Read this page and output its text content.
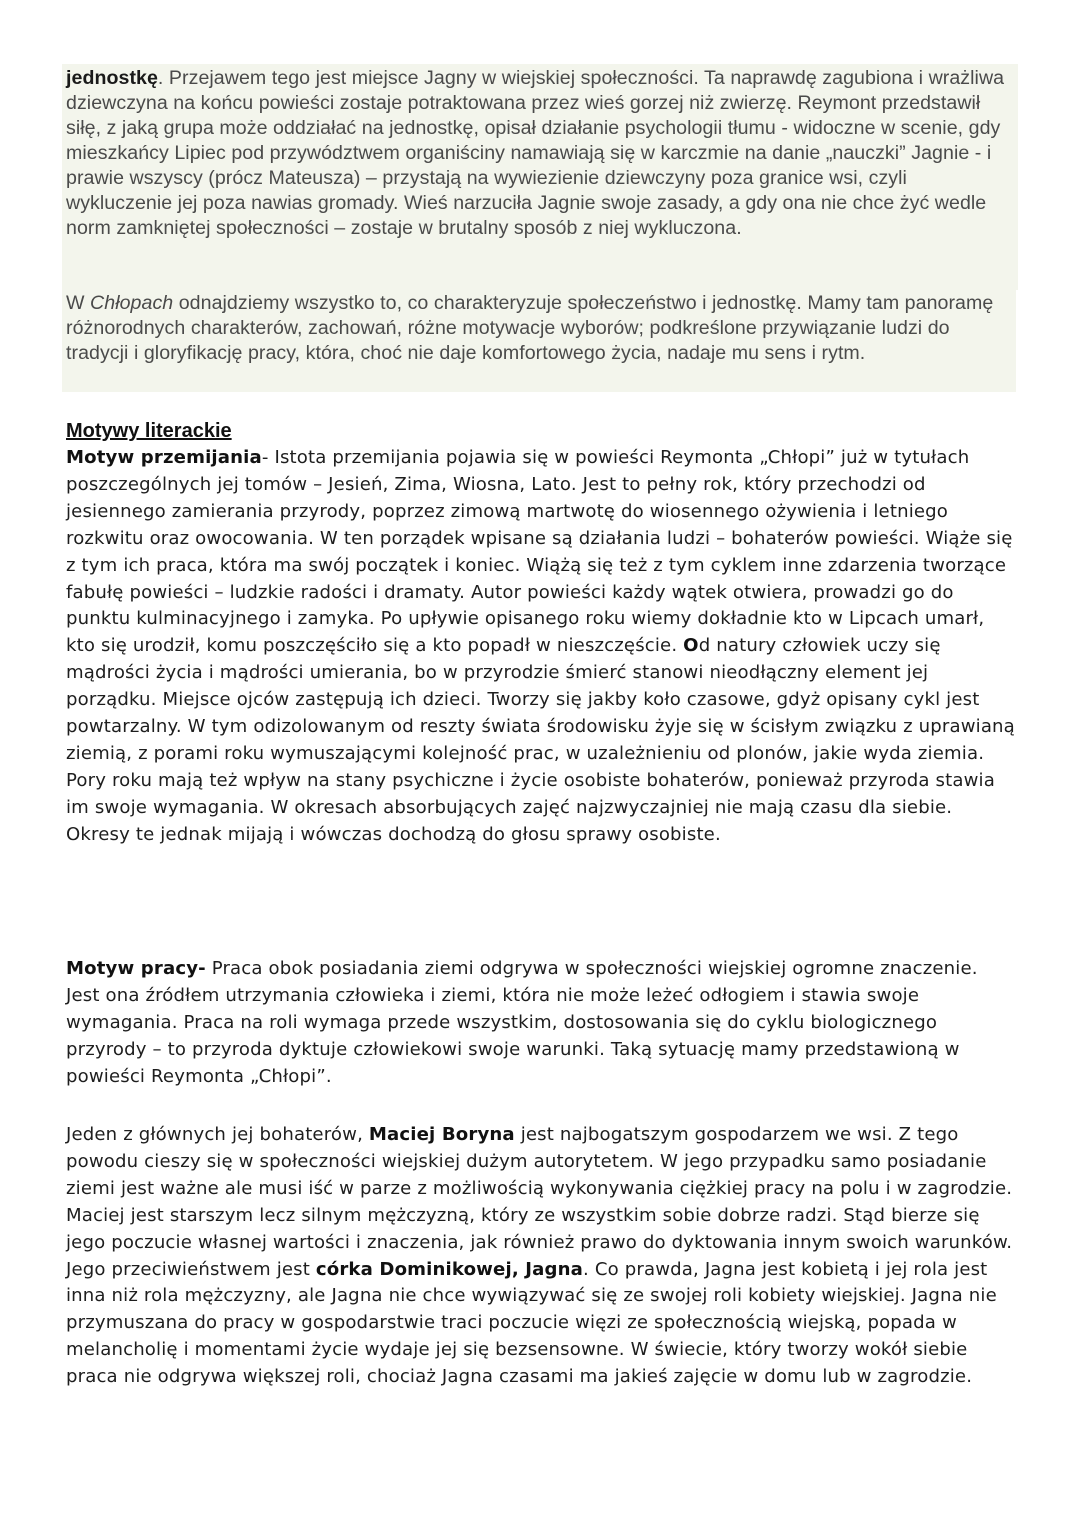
jednostkę. Przejawem tego jest miejsce Jagny w wiejskiej społeczności. Ta naprawdę zagubiona i wrażliwa dziewczyna na końcu powieści zostaje potraktowana przez wieś gorzej niż zwierzę. Reymont przedstawił siłę, z jaką grupa może oddziałać na jednostkę, opisał działanie psychologii tłumu - widoczne w scenie, gdy mieszkańcy Lipiec pod przywództwem organiściny namawiają się w karczmie na danie „nauczki” Jagnie - i prawie wszyscy (prócz Mateusza) – przystają na wywiezienie dziewczyny poza granice wsi, czyli wykluczenie jej poza nawias gromady. Wieś narzuciła Jagnie swoje zasady, a gdy ona nie chce żyć wedle norm zamkniętej społeczności – zostaje w brutalny sposób z niej wykluczona.

W Chłopach odnajdziemy wszystko to, co charakteryzuje społeczeństwo i jednostkę. Mamy tam panoramę różnorodnych charakterów, zachowań, różne motywacje wyborów; podkreślone przywiązanie ludzi do tradycji i gloryfikację pracy, która, choć nie daje komfortowego życia, nadaje mu sens i rytm.

Motywy literackie

Motyw przemijania- Istota przemijania pojawia się w powieści Reymonta „Chłopi” już w tytułach poszczególnych jej tomów – Jesień, Zima, Wiosna, Lato. Jest to pełny rok, który przechodzi od jesiennego zamierania przyrody, poprzez zimową martwotę do wiosennego ożywienia i letniego rozkwitu oraz owocowania. W ten porządek wpisane są działania ludzi – bohaterów powieści. Wiąże się z tym ich praca, która ma swój początek i koniec. Wiążą się też z tym cyklem inne zdarzenia tworzące fabułę powieści – ludzkie radości i dramaty. Autor powieści każdy wątek otwiera, prowadzi go do punktu kulminacyjnego i zamyka. Po upływie opisanego roku wiemy dokładnie kto w Lipcach umarł, kto się urodził, komu poszczęściło się a kto popadł w nieszczęście. Od natury człowiek uczy się mądrości życia i mądrości umierania, bo w przyrodzie śmierć stanowi nieodłączny element jej porządku. Miejsce ojców zastępują ich dzieci. Tworzy się jakby koło czasowe, gdyż opisany cykl jest powtarzalny. W tym odizolowanym od reszty świata środowisku żyje się w ścisłym związku z uprawianą ziemią, z porami roku wymuszającymi kolejność prac, w uzależnieniu od plonów, jakie wyda ziemia.
Pory roku mają też wpływ na stany psychiczne i życie osobiste bohaterów, ponieważ przyroda stawia im swoje wymagania. W okresach absorbujących zajęć najzwyczajniej nie mają czasu dla siebie. Okresy te jednak mijają i wówczas dochodzą do głosu sprawy osobiste.

Motyw pracy- Praca obok posiadania ziemi odgrywa w społeczności wiejskiej ogromne znaczenie. Jest ona źródłem utrzymania człowieka i ziemi, która nie może leżeć odłogiem i stawia swoje wymagania. Praca na roli wymaga przede wszystkim, dostosowania się do cyklu biologicznego przyrody – to przyroda dyktuje człowiekowi swoje warunki. Taką sytuację mamy przedstawioną w powieści Reymonta „Chłopi”.

Jeden z głównych jej bohaterów, Maciej Boryna jest najbogatszym gospodarzem we wsi. Z tego powodu cieszy się w społeczności wiejskiej dużym autorytetem. W jego przypadku samo posiadanie ziemi jest ważne ale musi iść w parze z możliwością wykonywania ciężkiej pracy na polu i w zagrodzie. Maciej jest starszym lecz silnym mężczyzną, który ze wszystkim sobie dobrze radzi. Stąd bierze się jego poczucie własnej wartości i znaczenia, jak również prawo do dyktowania innym swoich warunków. Jego przeciwieństwem jest córka Dominikowej, Jagna. Co prawda, Jagna jest kobietą i jej rola jest inna niż rola mężczyzny, ale Jagna nie chce wywiązywać się ze swojej roli kobiety wiejskiej. Jagna nie przymuszana do pracy w gospodarstwie traci poczucie więzi ze społecznością wiejską, popada w melancholię i momentami życie wydaje jej się bezsensowne. W świecie, który tworzy wokół siebie praca nie odgrywa większej roli, chociaż Jagna czasami ma jakieś zajęcie w domu lub w zagrodzie.
